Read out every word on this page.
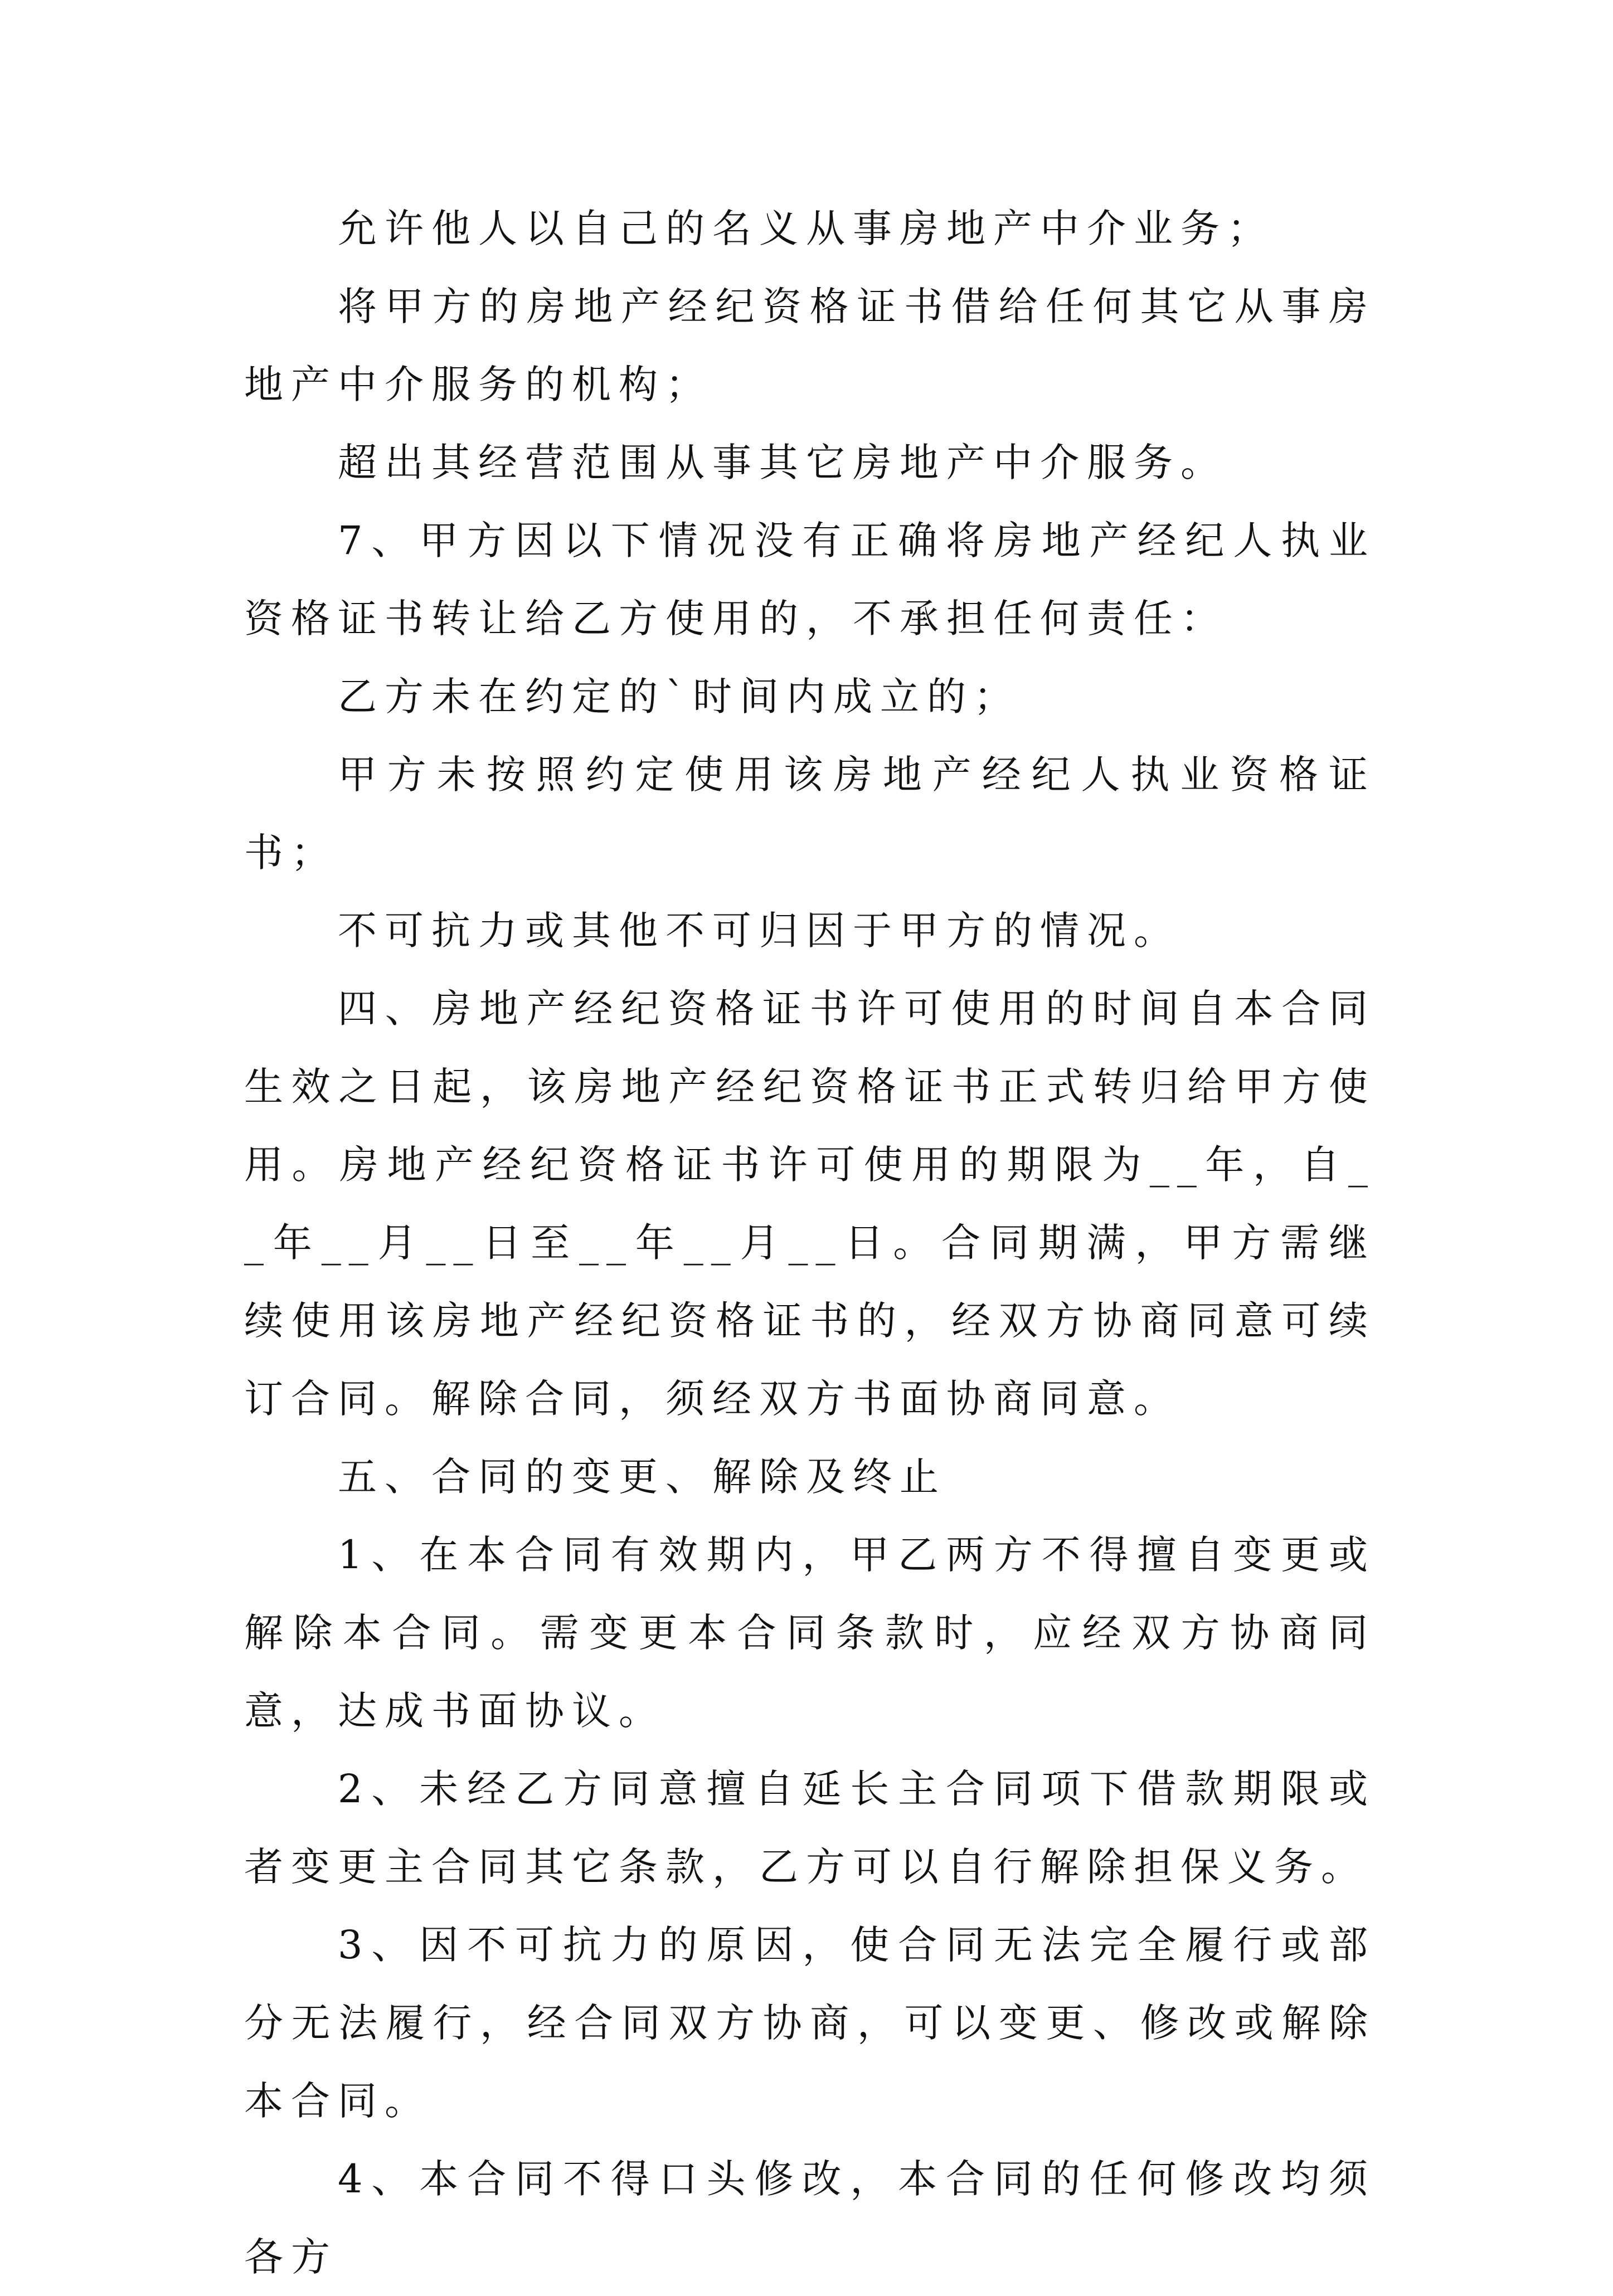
允许他人以自己的名义从事房地产中介业务；

将甲方的房地产经纪资格证书借给任何其它从事房地产中介服务的机构；

超出其经营范围从事其它房地产中介服务。

7、甲方因以下情况没有正确将房地产经纪人执业资格证书转让给乙方使用的，不承担任何责任：

乙方未在约定的`时间内成立的；

甲方未按照约定使用该房地产经纪人执业资格证书；

不可抗力或其他不可归因于甲方的情况。

四、房地产经纪资格证书许可使用的时间自本合同生效之日起，该房地产经纪资格证书正式转归给甲方使用。房地产经纪资格证书许可使用的期限为__年，自__年__月__日至__年__月__日。合同期满，甲方需继续使用该房地产经纪资格证书的，经双方协商同意可续订合同。解除合同，须经双方书面协商同意。

五、合同的变更、解除及终止

1、在本合同有效期内，甲乙两方不得擅自变更或解除本合同。需变更本合同条款时，应经双方协商同意，达成书面协议。

2、未经乙方同意擅自延长主合同项下借款期限或者变更主合同其它条款，乙方可以自行解除担保义务。

3、因不可抗力的原因，使合同无法完全履行或部分无法履行，经合同双方协商，可以变更、修改或解除本合同。

4、本合同不得口头修改，本合同的任何修改均须各方
